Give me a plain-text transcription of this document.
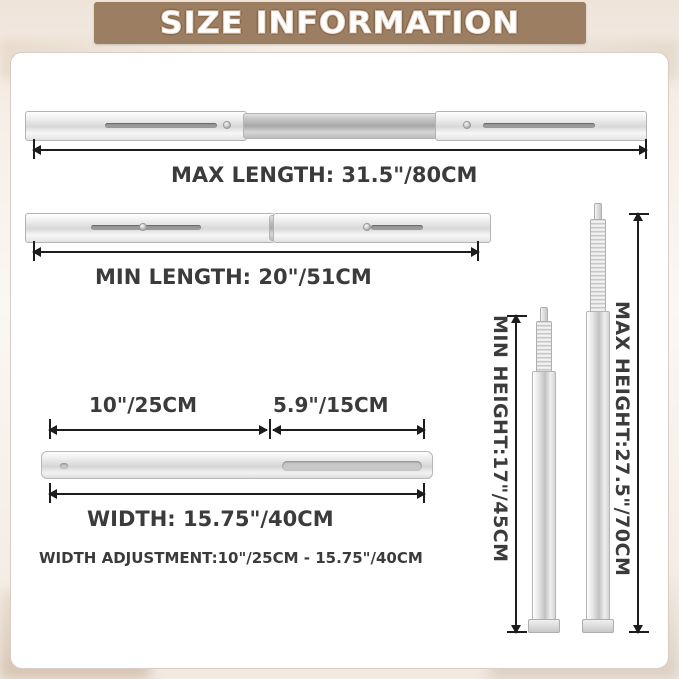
SIZE INFORMATION
MAX LENGTH: 31.5"/80CM
MIN LENGTH: 20"/51CM
10"/25CM	5.9"/15CM
WIDTH: 15.75"/40CM
WIDTH ADJUSTMENT:10"/25CM - 15.75"/40CM	MIN HEIGHT:17"/45CM	MAX HEIGHT:27.5"/70CM
